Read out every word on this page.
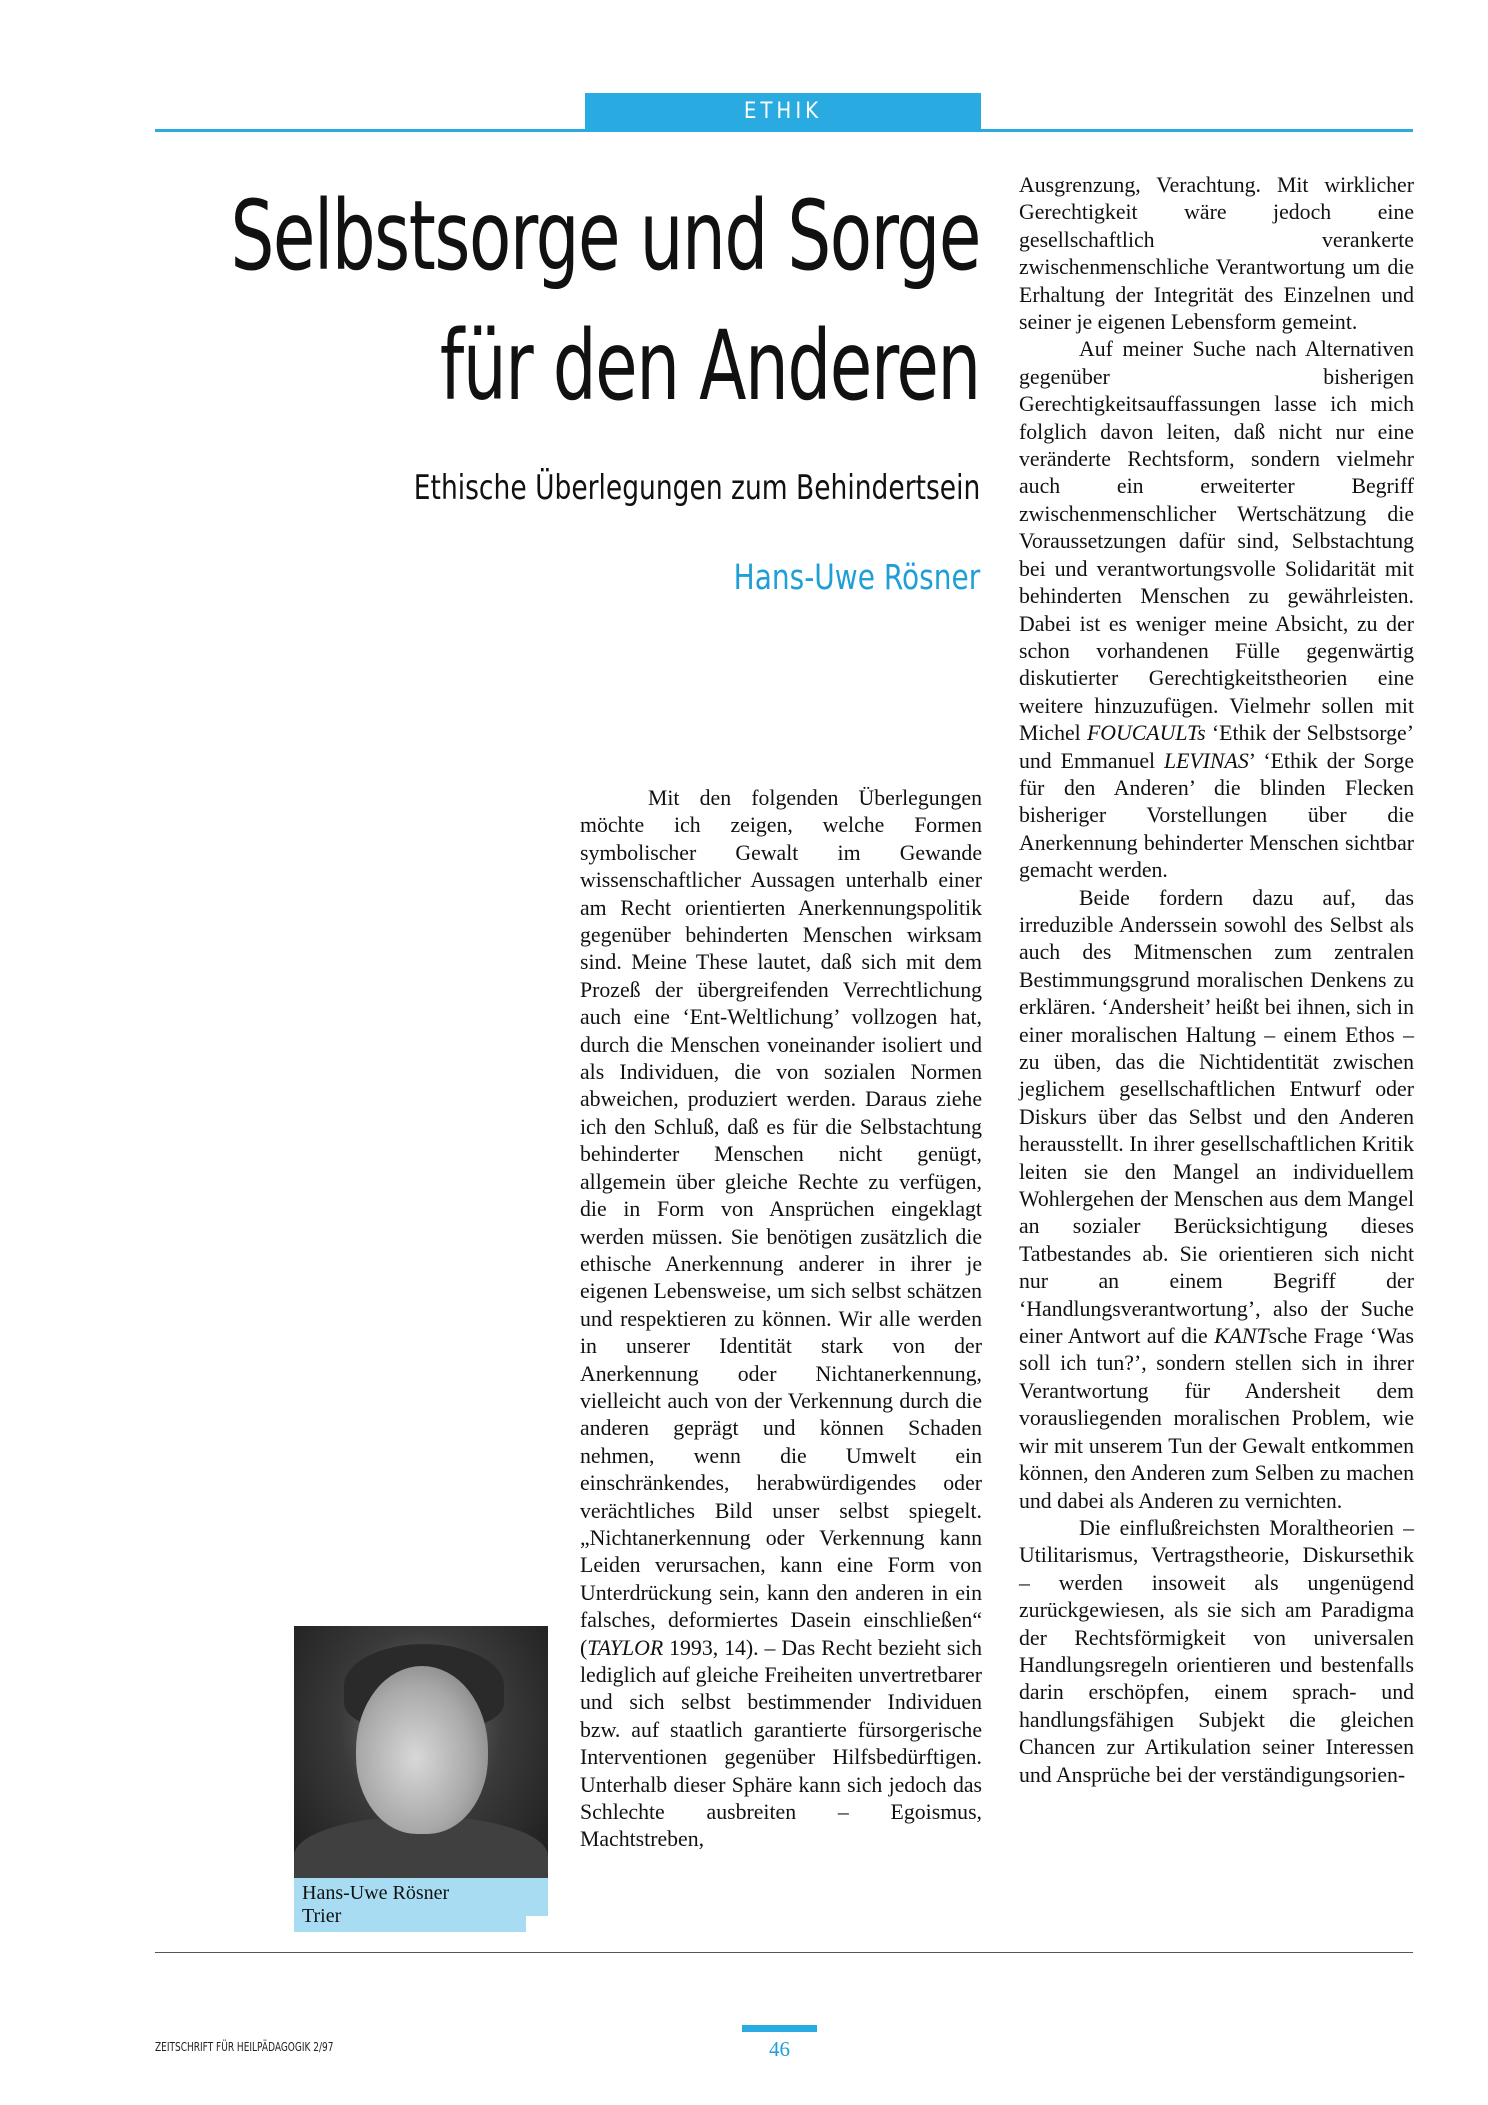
ETHIK
Selbstsorge und Sorge
für den Anderen
Ethische Überlegungen zum Behindertsein
Hans-Uwe Rösner

Mit den folgenden Überlegungen möchte ich zeigen, welche Formen symbolischer Gewalt im Gewande wissenschaftlicher Aussagen unterhalb einer am Recht orientierten Anerkennungspolitik gegenüber behinderten Menschen wirksam sind. Meine These lautet, daß sich mit dem Prozeß der übergreifenden Verrechtlichung auch eine ‘Ent-Weltlichung’ vollzogen hat, durch die Menschen voneinander isoliert und als Individuen, die von sozialen Normen abweichen, produziert werden. Daraus ziehe ich den Schluß, daß es für die Selbstachtung behinderter Menschen nicht genügt, allgemein über gleiche Rechte zu verfügen, die in Form von Ansprüchen eingeklagt werden müssen. Sie benötigen zusätzlich die ethische Anerkennung anderer in ihrer je eigenen Lebensweise, um sich selbst schätzen und respektieren zu können. Wir alle werden in unserer Identität stark von der Anerkennung oder Nichtanerkennung, vielleicht auch von der Verkennung durch die anderen geprägt und können Schaden nehmen, wenn die Umwelt ein einschränkendes, herabwürdigendes oder verächtliches Bild unser selbst spiegelt. „Nichtanerkennung oder Verkennung kann Leiden verursachen, kann eine Form von Unterdrückung sein, kann den anderen in ein falsches, deformiertes Dasein einschließen“ (TAYLOR 1993, 14). – Das Recht bezieht sich lediglich auf gleiche Freiheiten unvertretbarer und sich selbst bestimmender Individuen bzw. auf staatlich garantierte fürsorgerische Interventionen gegenüber Hilfsbedürftigen. Unterhalb dieser Sphäre kann sich jedoch das Schlechte ausbreiten – Egoismus, Machtstreben,

Ausgrenzung, Verachtung. Mit wirklicher Gerechtigkeit wäre jedoch eine gesellschaftlich verankerte zwischenmenschliche Verantwortung um die Erhaltung der Integrität des Einzelnen und seiner je eigenen Lebensform gemeint.

Auf meiner Suche nach Alternativen gegenüber bisherigen Gerechtigkeitsauffassungen lasse ich mich folglich davon leiten, daß nicht nur eine veränderte Rechtsform, sondern vielmehr auch ein erweiterter Begriff zwischenmenschlicher Wertschätzung die Voraussetzungen dafür sind, Selbstachtung bei und verantwortungsvolle Solidarität mit behinderten Menschen zu gewährleisten. Dabei ist es weniger meine Absicht, zu der schon vorhandenen Fülle gegenwärtig diskutierter Gerechtigkeitstheorien eine weitere hinzuzufügen. Vielmehr sollen mit Michel FOUCAULTs ‘Ethik der Selbstsorge’ und Emmanuel LEVINAS’ ‘Ethik der Sorge für den Anderen’ die blinden Flecken bisheriger Vorstellungen über die Anerkennung behinderter Menschen sichtbar gemacht werden.

Beide fordern dazu auf, das irreduzible Anderssein sowohl des Selbst als auch des Mitmenschen zum zentralen Bestimmungsgrund moralischen Denkens zu erklären. ‘Andersheit’ heißt bei ihnen, sich in einer moralischen Haltung – einem Ethos – zu üben, das die Nichtidentität zwischen jeglichem gesellschaftlichen Entwurf oder Diskurs über das Selbst und den Anderen herausstellt. In ihrer gesellschaftlichen Kritik leiten sie den Mangel an individuellem Wohlergehen der Menschen aus dem Mangel an sozialer Berücksichtigung dieses Tatbestandes ab. Sie orientieren sich nicht nur an einem Begriff der ‘Handlungsverantwortung’, also der Suche einer Antwort auf die KANTsche Frage ‘Was soll ich tun?’, sondern stellen sich in ihrer Verantwortung für Andersheit dem vorausliegenden moralischen Problem, wie wir mit unserem Tun der Gewalt entkommen können, den Anderen zum Selben zu machen und dabei als Anderen zu vernichten.

Die einflußreichsten Moraltheorien – Utilitarismus, Vertragstheorie, Diskursethik – werden insoweit als ungenügend zurückgewiesen, als sie sich am Paradigma der Rechtsförmigkeit von universalen Handlungsregeln orientieren und bestenfalls darin erschöpfen, einem sprach- und handlungsfähigen Subjekt die gleichen Chancen zur Artikulation seiner Interessen und Ansprüche bei der verständigungsorien-

Hans-Uwe Rösner
Trier
ZEITSCHRIFT FÜR HEILPÄDAGOGIK 2/97	46
